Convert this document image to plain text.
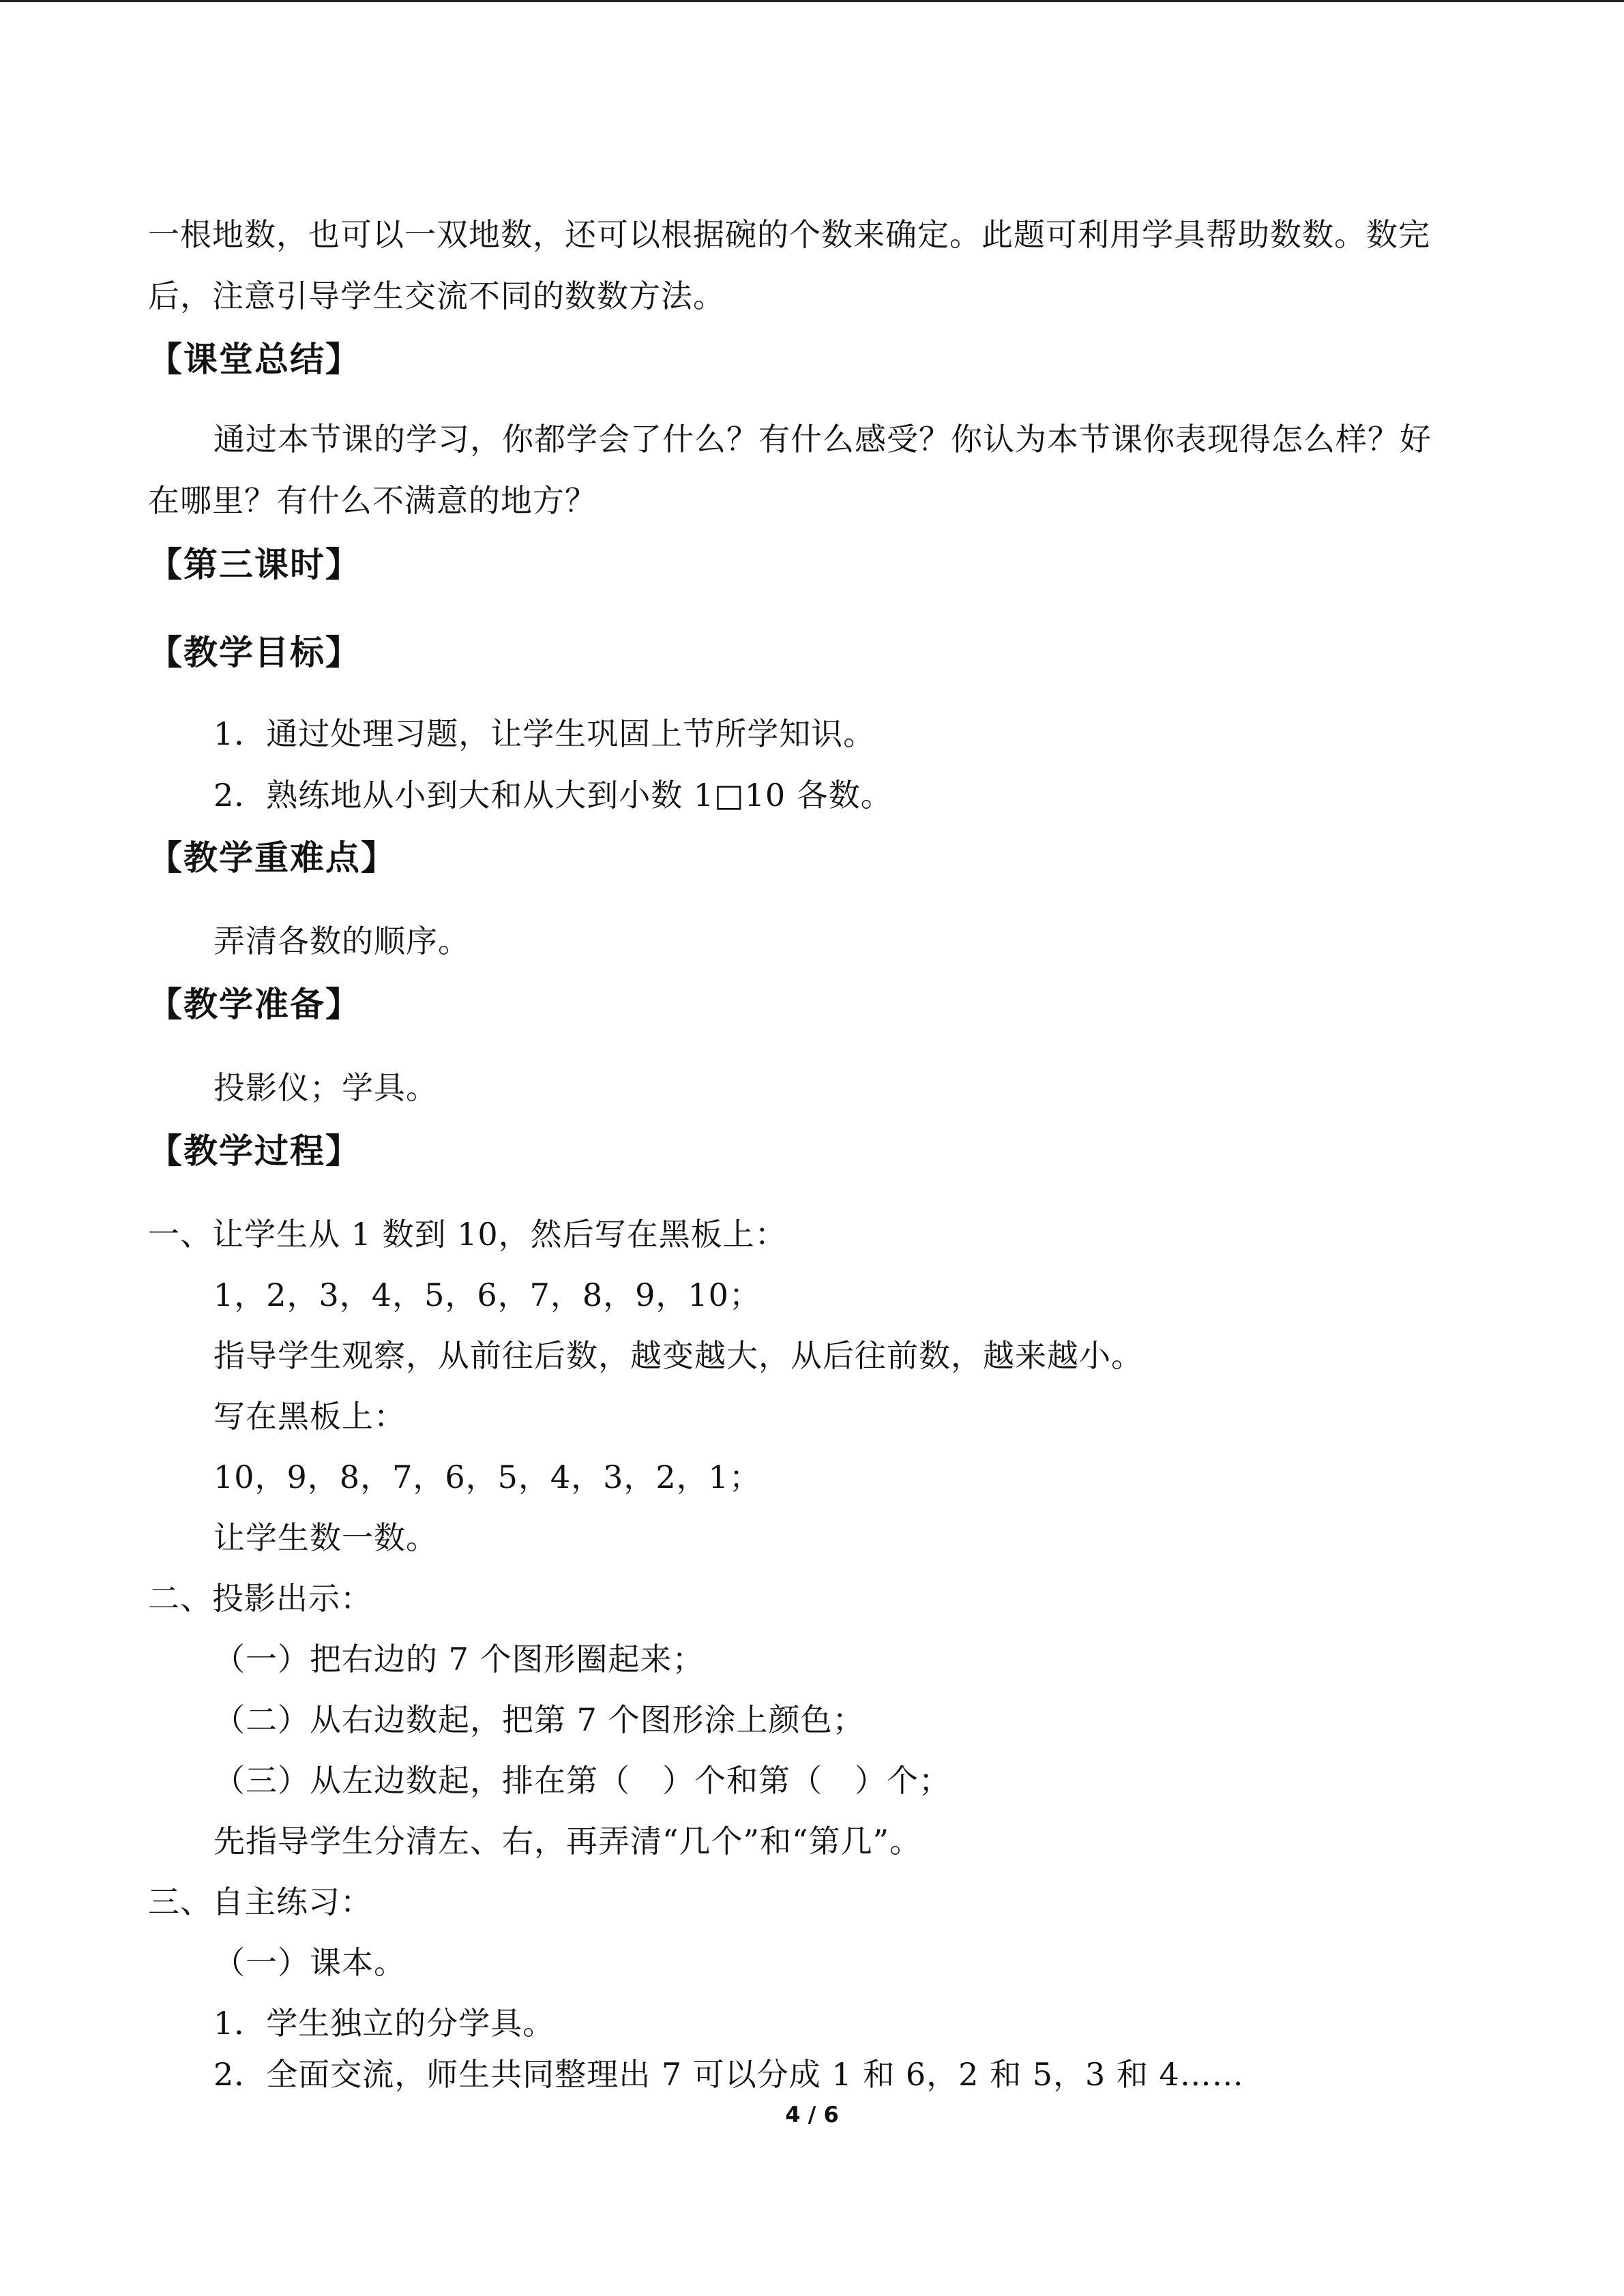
一根地数，也可以一双地数，还可以根据碗的个数来确定。此题可利用学具帮助数数。数完
后，注意引导学生交流不同的数数方法。
【课堂总结】
通过本节课的学习，你都学会了什么？有什么感受？你认为本节课你表现得怎么样？好
在哪里？有什么不满意的地方？
【第三课时】
【教学目标】
1．通过处理习题，让学生巩固上节所学知识。
2．熟练地从小到大和从大到小数 1□10 各数。
【教学重难点】
弄清各数的顺序。
【教学准备】
投影仪；学具。
【教学过程】
一、让学生从 1 数到 10，然后写在黑板上：
1，2，3，4，5，6，7，8，9，10；
指导学生观察，从前往后数，越变越大，从后往前数，越来越小。
写在黑板上：
10，9，8，7，6，5，4，3，2，1；
让学生数一数。
二、投影出示：
（一）把右边的 7 个图形圈起来；
（二）从右边数起，把第 7 个图形涂上颜色；
（三）从左边数起，排在第（　）个和第（　）个；
先指导学生分清左、右，再弄清“几个”和“第几”。
三、自主练习：
（一）课本。
1．学生独立的分学具。
2．全面交流，师生共同整理出 7 可以分成 1 和 6，2 和 5，3 和 4……
4 / 6
